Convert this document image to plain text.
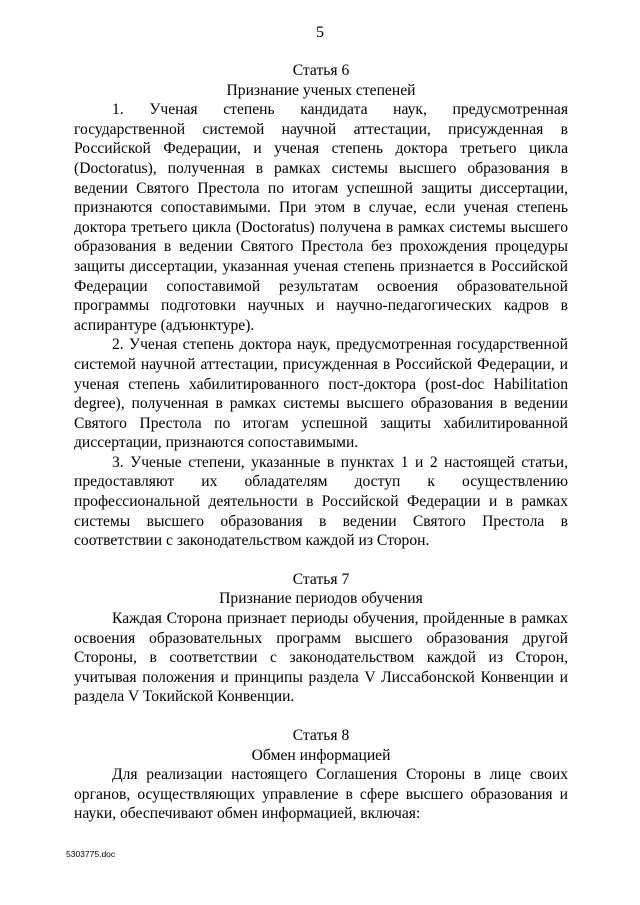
5
Статья 6
Признание ученых степеней

1. Ученая степень кандидата наук, предусмотренная государственной системой научной аттестации, присужденная в Российской Федерации, и ученая степень доктора третьего цикла (Doctoratus), полученная в рамках системы высшего образования в ведении Святого Престола по итогам успешной защиты диссертации, признаются сопоставимыми. При этом в случае, если ученая степень доктора третьего цикла (Doctoratus) получена в рамках системы высшего образования в ведении Святого Престола без прохождения процедуры защиты диссертации, указанная ученая степень признается в Российской Федерации сопоставимой результатам освоения образовательной программы подготовки научных и научно-педагогических кадров в аспирантуре (адъюнктуре).

2. Ученая степень доктора наук, предусмотренная государственной системой научной аттестации, присужденная в Российской Федерации, и ученая степень хабилитированного пост-доктора (post-doc Habilitation degree), полученная в рамках системы высшего образования в ведении Святого Престола по итогам успешной защиты хабилитированной диссертации, признаются сопоставимыми.

3. Ученые степени, указанные в пунктах 1 и 2 настоящей статьи, предоставляют их обладателям доступ к осуществлению профессиональной деятельности в Российской Федерации и в рамках системы высшего образования в ведении Святого Престола в соответствии с законодательством каждой из Сторон.

Статья 7
Признание периодов обучения

Каждая Сторона признает периоды обучения, пройденные в рамках освоения образовательных программ высшего образования другой Стороны, в соответствии с законодательством каждой из Сторон, учитывая положения и принципы раздела V Лиссабонской Конвенции и раздела V Токийской Конвенции.

Статья 8
Обмен информацией

Для реализации настоящего Соглашения Стороны в лице своих органов, осуществляющих управление в сфере высшего образования и науки, обеспечивают обмен информацией, включая:

5303775.doc
